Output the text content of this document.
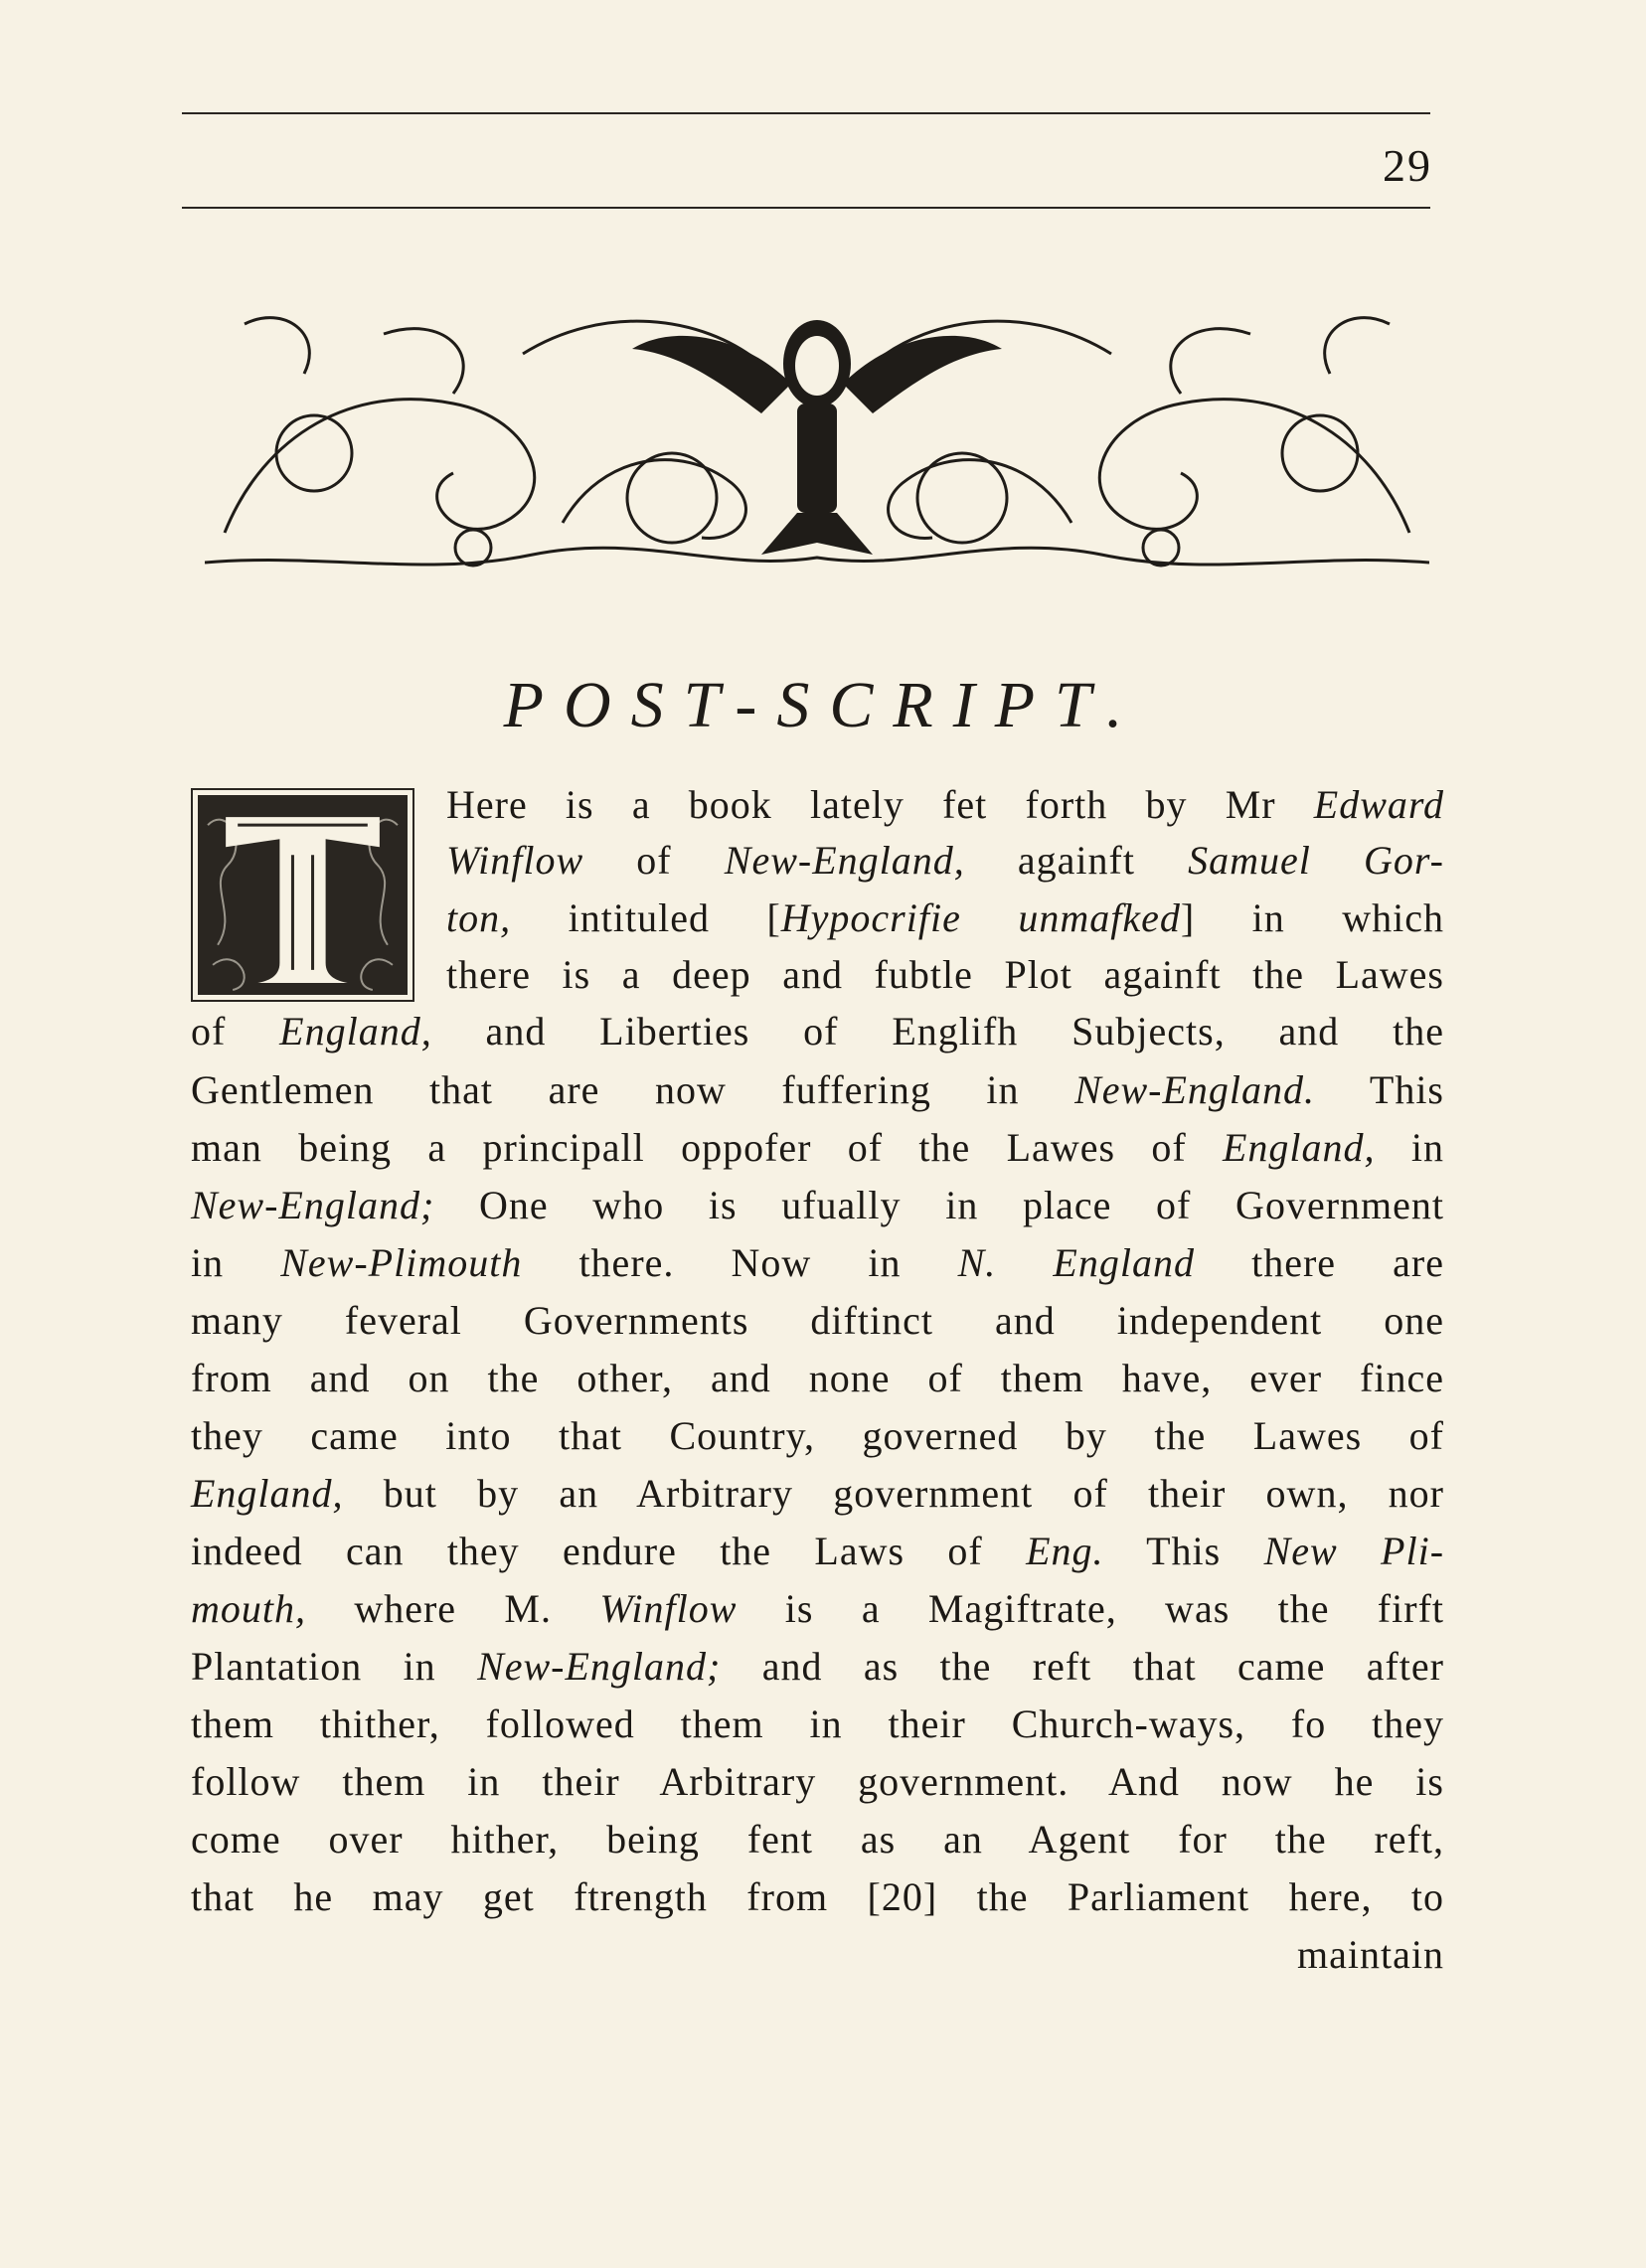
29
POST-SCRIPT.
Here is a book lately fet forth by Mr Edward
Winflow of New-England, againft Samuel Gor-
ton, intituled [Hypocrifie unmafked] in which
there is a deep and fubtle Plot againft the Lawes
of England, and Liberties of Englifh Subjects, and the
Gentlemen that are now fuffering in New-England. This
man being a principall oppofer of the Lawes of England, in
New-England; One who is ufually in place of Government
in New-Plimouth there. Now in N. England there are
many feveral Governments diftinct and independent one
from and on the other, and none of them have, ever fince
they came into that Country, governed by the Lawes of
England, but by an Arbitrary government of their own, nor
indeed can they endure the Laws of Eng. This New Pli-
mouth, where M. Winflow is a Magiftrate, was the firft
Plantation in New-England; and as the reft that came after
them thither, followed them in their Church-ways, fo they
follow them in their Arbitrary government. And now he is
come over hither, being fent as an Agent for the reft,
that he may get ftrength from [20] the Parliament here, to
maintain
